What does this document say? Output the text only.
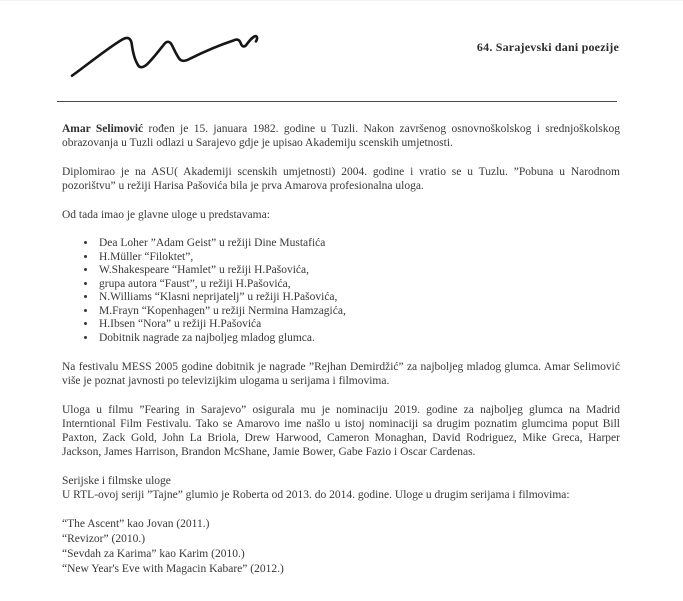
64. Sarajevski dani poezije

Amar Selimović rođen je 15. januara 1982. godine u Tuzli. Nakon završenog osnovnoškolskog i srednjoškolskog obrazovanja u Tuzli odlazi u Sarajevo gdje je upisao Akademiju scenskih umjetnosti.

Diplomirao je na ASU( Akademiji scenskih umjetnosti) 2004. godine i vratio se u Tuzlu. ”Pobuna u Narodnom pozorištvu” u režiji Harisa Pašovića bila je prva Amarova profesionalna uloga.

Od tada imao je glavne uloge u predstavama:

• Dea Loher ”Adam Geist” u režiji Dine Mustafića
• H.Müller “Filoktet”,
• W.Shakespeare “Hamlet” u režiji H.Pašovića,
• grupa autora “Faust”, u režiji H.Pašovića,
• N.Williams “Klasni neprijatelj” u režiji H.Pašovića,
• M.Frayn “Kopenhagen” u režiji Nermina Hamzagića,
• H.Ibsen “Nora” u režiji H.Pašovića
• Dobitnik nagrade za najboljeg mladog glumca.

Na festivalu MESS 2005 godine dobitnik je nagrade ”Rejhan Demirdžić” za najboljeg mladog glumca. Amar Selimović više je poznat javnosti po televizijkim ulogama u serijama i filmovima.

Uloga u filmu ”Fearing in Sarajevo” osigurala mu je nominaciju 2019. godine za najboljeg glumca na Madrid Interntional Film Festivalu. Tako se Amarovo ime našlo u istoj nominaciji sa drugim poznatim glumcima poput Bill Paxton, Zack Gold, John La Briola, Drew Harwood, Cameron Monaghan, David Rodriguez, Mike Greca, Harper Jackson, James Harrison, Brandon McShane, Jamie Bower, Gabe Fazio i Oscar Cardenas.

Serijske i filmske uloge
U RTL-ovoj seriji ”Tajne” glumio je Roberta od 2013. do 2014. godine. Uloge u drugim serijama i filmovima:

“The Ascent” kao Jovan (2011.)
“Revizor” (2010.)
“Sevdah za Karima” kao Karim (2010.)
“New Year's Eve with Magacin Kabare” (2012.)
